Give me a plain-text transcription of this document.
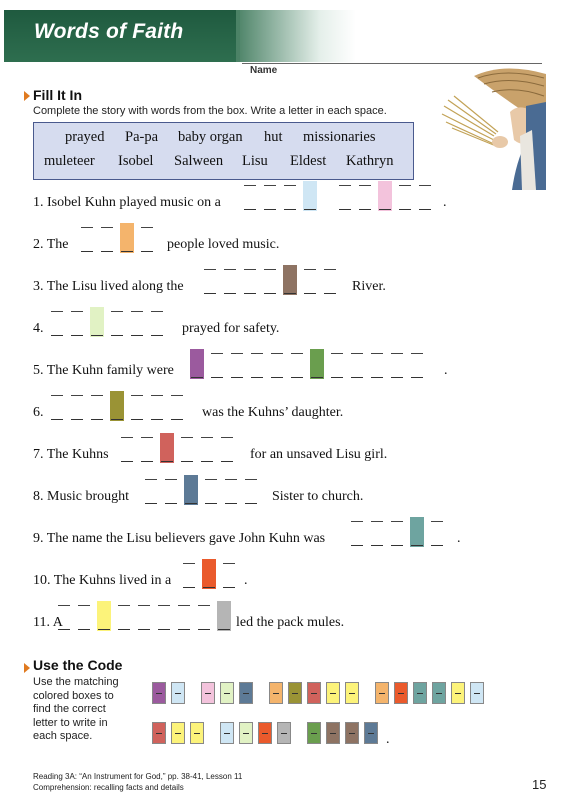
Words of Faith
Name
Fill It In
Complete the story with words from the box. Write a letter in each space.
prayed Pa-pa baby organ hut missionaries
muleteer Isobel Salween Lisu Eldest Kathryn
1. Isobel Kuhn played music on a	.
2. The	people loved music.
3. The Lisu lived along the	River.
4.	prayed for safety.
5. The Kuhn family were	.
6.	was the Kuhns’ daughter.
7. The Kuhns	for an unsaved Lisu girl.
8. Music brought	Sister to church.
9. The name the Lisu believers gave John Kuhn was	.
10. The Kuhns lived in a	.
11. A	led the pack mules.
Use the Code
Use the matching colored boxes to find the correct letter to write in each space.	.
Reading 3A: “An Instrument for God,” pp. 38-41, Lesson 11
Comprehension: recalling facts and details	15
